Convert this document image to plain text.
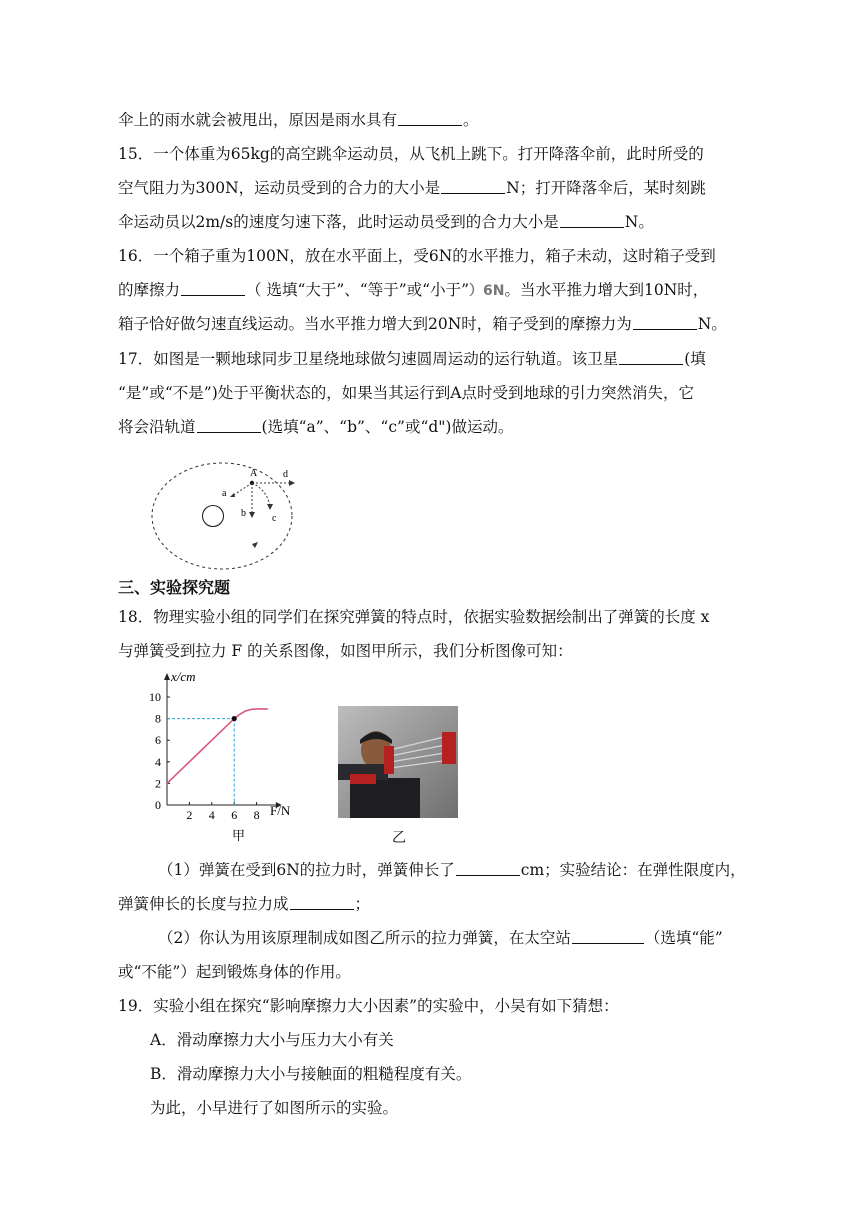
伞上的雨水就会被甩出，原因是雨水具有	。
15．一个体重为65kg的高空跳伞运动员，从飞机上跳下。打开降落伞前，此时所受的
空气阻力为300N，运动员受到的合力的大小是	N；打开降落伞后，某时刻跳
伞运动员以2m/s的速度匀速下落，此时运动员受到的合力大小是	N。
16．一个箱子重为100N，放在水平面上，受6N的水平推力，箱子未动，这时箱子受到
的摩擦力	（ 选填“大于”、“等于”或“小于”）6N。当水平推力增大到10N时，
箱子恰好做匀速直线运动。当水平推力增大到20N时，箱子受到的摩擦力为	N。
17．如图是一颗地球同步卫星绕地球做匀速圆周运动的运行轨道。该卫星	(填
“是”或“不是”)处于平衡状态的，如果当其运行到A点时受到地球的引力突然消失，它
将会沿轨道	(选填“a”、“b”、“c”或“d")做运动。
A
a
b	c
d
三、实验探究题
18．物理实验小组的同学们在探究弹簧的特点时，依据实验数据绘制出了弹簧的长度 x
与弹簧受到拉力 F 的关系图像，如图甲所示，我们分析图像可知：
0
2
4
6
8
10
2 4 6 8
x/cm
F/N
甲	乙
（1）弹簧在受到6N的拉力时，弹簧伸长了	cm；实验结论：在弹性限度内，
弹簧伸长的长度与拉力成	；
（2）你认为用该原理制成如图乙所示的拉力弹簧，在太空站	（选填“能”
或“不能”）起到锻炼身体的作用。
19．实验小组在探究“影响摩擦力大小因素”的实验中，小吴有如下猜想：
A．滑动摩擦力大小与压力大小有关
B．滑动摩擦力大小与接触面的粗糙程度有关。
为此，小早进行了如图所示的实验。
